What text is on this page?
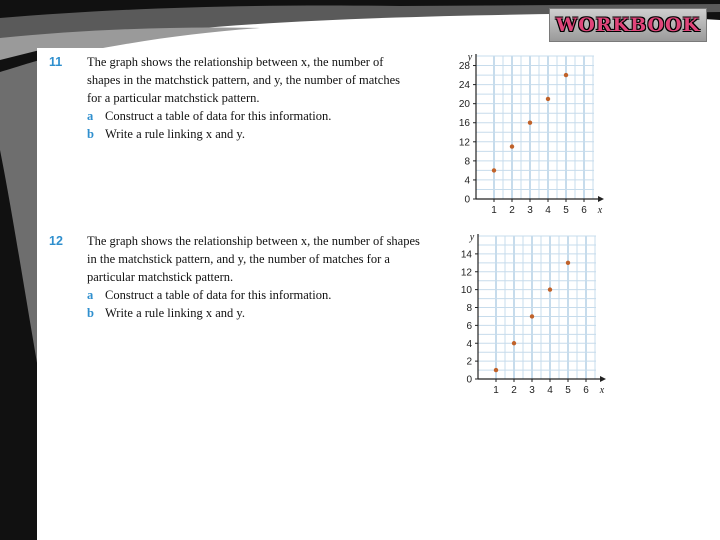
WORKBOOK
11 The graph shows the relationship between x, the number of
shapes in the matchstick pattern, and y, the number of matches
for a particular matchstick pattern.
a Construct a table of data for this information.
b Write a rule linking x and y.
12 The graph shows the relationship between x, the number of shapes
in the matchstick pattern, and y, the number of matches for a
particular matchstick pattern.
a Construct a table of data for this information.
b Write a rule linking x and y.
0
4
8
12
16
20
24
28
1 2 3 4 5 6 x
y
0
2
4
6
8
10
12
14
1 2 3 4 5 6 x
y
